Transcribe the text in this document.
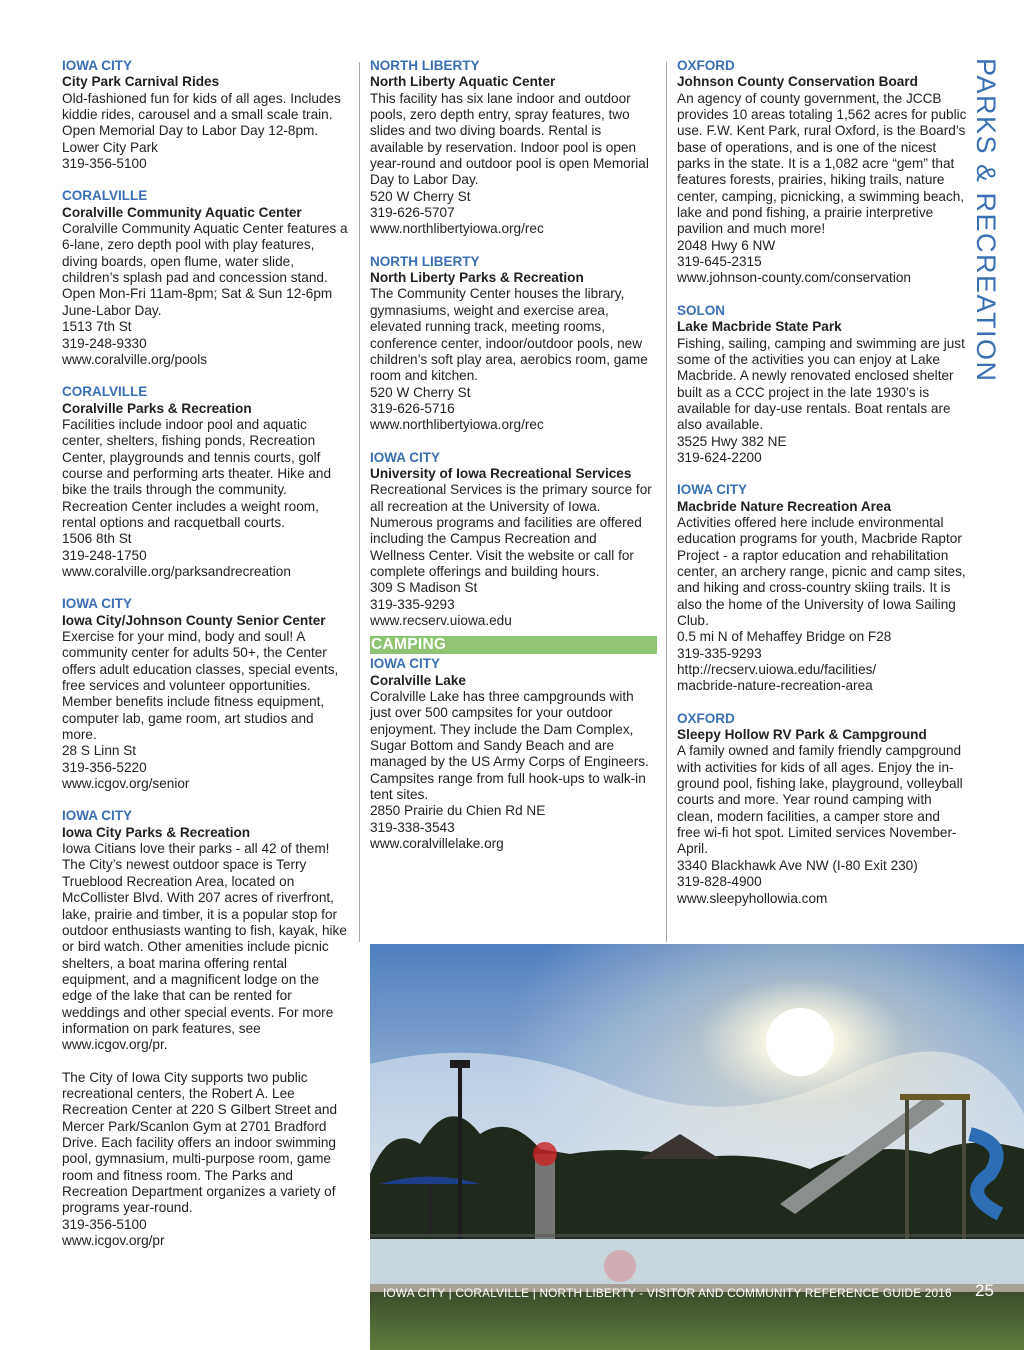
IOWA CITY
City Park Carnival Rides
Old-fashioned fun for kids of all ages. Includes kiddie rides, carousel and a small scale train. Open Memorial Day to Labor Day 12-8pm.
Lower City Park
319-356-5100
CORALVILLE
Coralville Community Aquatic Center
Coralville Community Aquatic Center features a 6-lane, zero depth pool with play features, diving boards, open flume, water slide, children’s splash pad and concession stand. Open Mon-Fri 11am-8pm; Sat & Sun 12-6pm June-Labor Day.
1513 7th St
319-248-9330
www.coralville.org/pools
CORALVILLE
Coralville Parks & Recreation
Facilities include indoor pool and aquatic center, shelters, fishing ponds, Recreation Center, playgrounds and tennis courts, golf course and performing arts theater. Hike and bike the trails through the community. Recreation Center includes a weight room, rental options and racquetball courts.
1506 8th St
319-248-1750
www.coralville.org/parksandrecreation
IOWA CITY
Iowa City/Johnson County Senior Center
Exercise for your mind, body and soul! A community center for adults 50+, the Center offers adult education classes, special events, free services and volunteer opportunities. Member benefits include fitness equipment, computer lab, game room, art studios and more.
28 S Linn St
319-356-5220
www.icgov.org/senior
IOWA CITY
Iowa City Parks & Recreation
Iowa Citians love their parks - all 42 of them! The City’s newest outdoor space is Terry Trueblood Recreation Area, located on McCollister Blvd. With 207 acres of riverfront, lake, prairie and timber, it is a popular stop for outdoor enthusiasts wanting to fish, kayak, hike or bird watch. Other amenities include picnic shelters, a boat marina offering rental equipment, and a magnificent lodge on the edge of the lake that can be rented for weddings and other special events. For more information on park features, see www.icgov.org/pr.
The City of Iowa City supports two public recreational centers, the Robert A. Lee Recreation Center at 220 S Gilbert Street and Mercer Park/Scanlon Gym at 2701 Bradford Drive. Each facility offers an indoor swimming pool, gymnasium, multi-purpose room, game room and fitness room. The Parks and Recreation Department organizes a variety of programs year-round.
319-356-5100
www.icgov.org/pr
NORTH LIBERTY
North Liberty Aquatic Center
This facility has six lane indoor and outdoor pools, zero depth entry, spray features, two slides and two diving boards. Rental is available by reservation. Indoor pool is open year-round and outdoor pool is open Memorial Day to Labor Day.
520 W Cherry St
319-626-5707
www.northlibertyiowa.org/rec
NORTH LIBERTY
North Liberty Parks & Recreation
The Community Center houses the library, gymnasiums, weight and exercise area, elevated running track, meeting rooms, conference center, indoor/outdoor pools, new children’s soft play area, aerobics room, game room and kitchen.
520 W Cherry St
319-626-5716
www.northlibertyiowa.org/rec
IOWA CITY
University of Iowa Recreational Services
Recreational Services is the primary source for all recreation at the University of Iowa. Numerous programs and facilities are offered including the Campus Recreation and Wellness Center. Visit the website or call for complete offerings and building hours.
309 S Madison St
319-335-9293
www.recserv.uiowa.edu
CAMPING
IOWA CITY
Coralville Lake
Coralville Lake has three campgrounds with just over 500 campsites for your outdoor enjoyment. They include the Dam Complex, Sugar Bottom and Sandy Beach and are managed by the US Army Corps of Engineers. Campsites range from full hook-ups to walk-in tent sites.
2850 Prairie du Chien Rd NE
319-338-3543
www.coralvillelake.org
OXFORD
Johnson County Conservation Board
An agency of county government, the JCCB provides 10 areas totaling 1,562 acres for public use. F.W. Kent Park, rural Oxford, is the Board’s base of operations, and is one of the nicest parks in the state. It is a 1,082 acre “gem” that features forests, prairies, hiking trails, nature center, camping, picnicking, a swimming beach, lake and pond fishing, a prairie interpretive pavilion and much more!
2048 Hwy 6 NW
319-645-2315
www.johnson-county.com/conservation
SOLON
Lake Macbride State Park
Fishing, sailing, camping and swimming are just some of the activities you can enjoy at Lake Macbride. A newly renovated enclosed shelter built as a CCC project in the late 1930’s is available for day-use rentals. Boat rentals are also available.
3525 Hwy 382 NE
319-624-2200
IOWA CITY
Macbride Nature Recreation Area
Activities offered here include environmental education programs for youth, Macbride Raptor Project - a raptor education and rehabilitation center, an archery range, picnic and camp sites, and hiking and cross-country skiing trails. It is also the home of the University of Iowa Sailing Club.
0.5 mi N of Mehaffey Bridge on F28
319-335-9293
http://recserv.uiowa.edu/facilities/
macbride-nature-recreation-area
OXFORD
Sleepy Hollow RV Park & Campground
A family owned and family friendly campground with activities for kids of all ages. Enjoy the in-ground pool, fishing lake, playground, volleyball courts and more. Year round camping with clean, modern facilities, a camper store and free wi-fi hot spot. Limited services November-April.
3340 Blackhawk Ave NW (I-80 Exit 230)
319-828-4900
www.sleepyhollowia.com
PARKS & RECREATION
IOWA CITY | CORALVILLE | NORTH LIBERTY - VISITOR AND COMMUNITY REFERENCE GUIDE 2016 25
